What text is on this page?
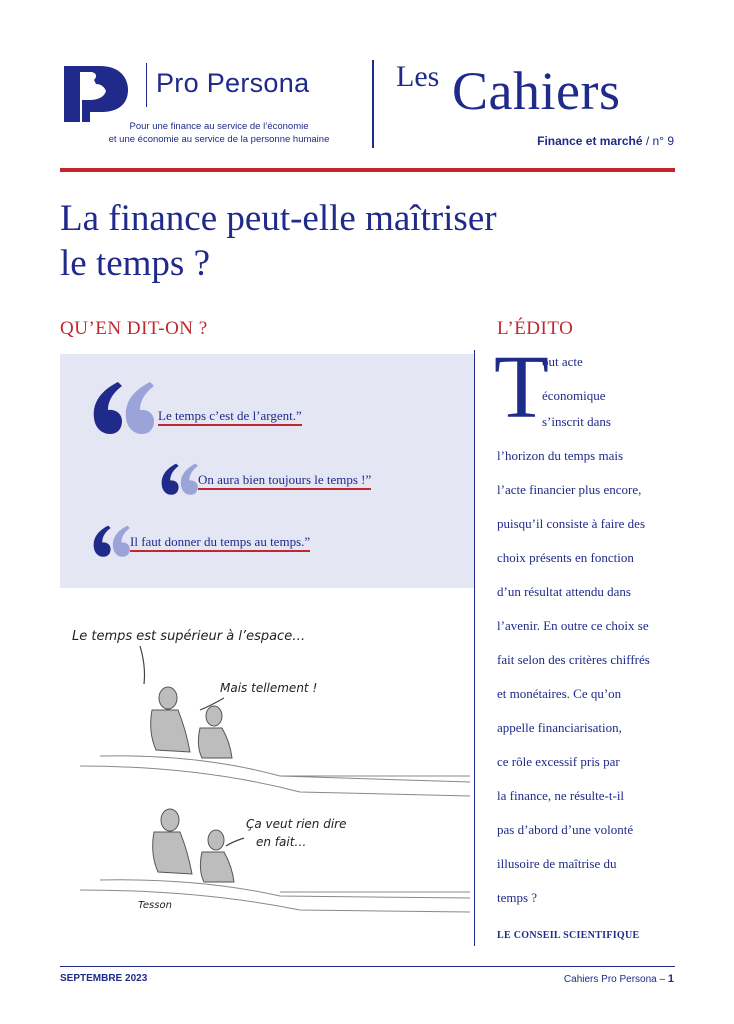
Pro Persona
Pour une finance au service de l’économie
et une économie au service de la personne humaine
Les Cahiers
Finance et marché / n° 9
La finance peut-elle maîtriser
le temps ?
QU’EN DIT-ON ?
Le temps c’est de l’argent.”
On aura bien toujours le temps !”
Il faut donner du temps au temps.”
Le temps est supérieur à l’espace…
Mais tellement !
Ça veut rien dire
en fait…
Tesson
L’ÉDITO
T
out acte
économique
s’inscrit dans
l’horizon du temps mais
l’acte financier plus encore,
puisqu’il consiste à faire des
choix présents en fonction
d’un résultat attendu dans
l’avenir. En outre ce choix se
fait selon des critères chiffrés
et monétaires. Ce qu’on
appelle financiarisation,
ce rôle excessif pris par
la finance, ne résulte-t-il
pas d’abord d’une volonté
illusoire de maîtrise du
temps ?
LE CONSEIL SCIENTIFIQUE
SEPTEMBRE 2023	Cahiers Pro Persona – 1
